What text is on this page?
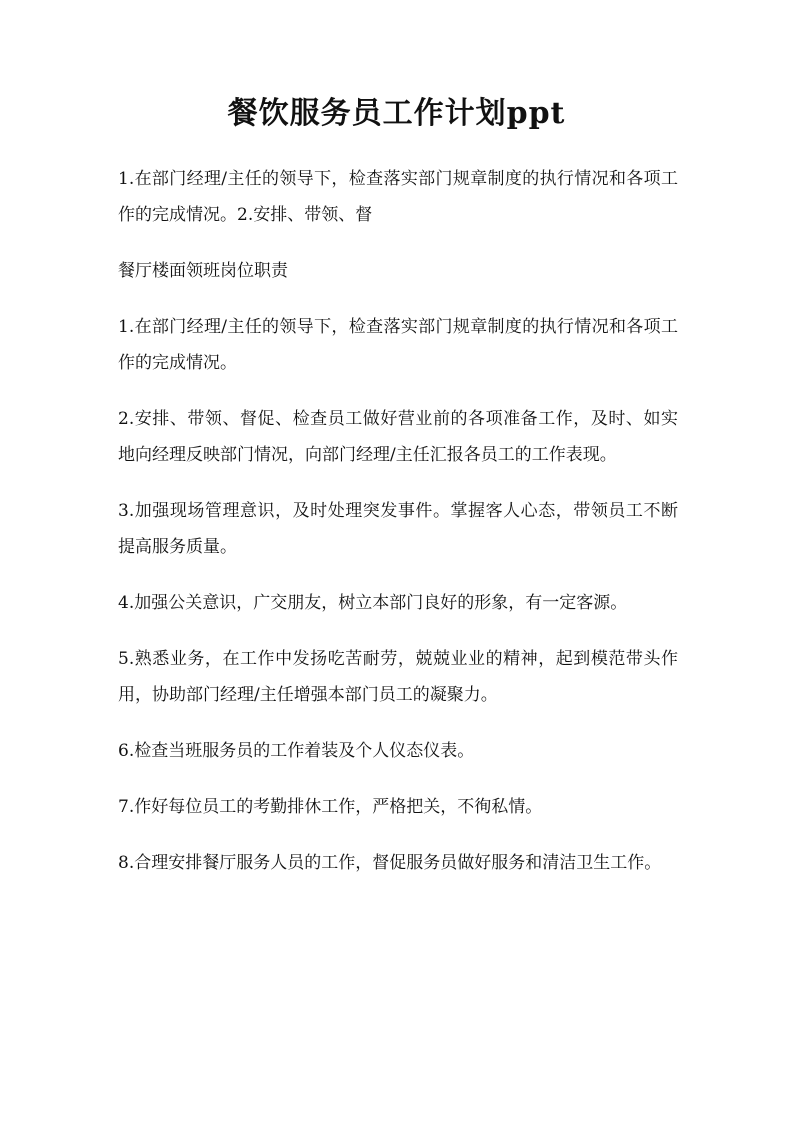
餐饮服务员工作计划ppt

1.在部门经理/主任的领导下，检查落实部门规章制度的执行情况和各项工作的完成情况。2.安排、带领、督

餐厅楼面领班岗位职责

1.在部门经理/主任的领导下，检查落实部门规章制度的执行情况和各项工作的完成情况。

2.安排、带领、督促、检查员工做好营业前的各项准备工作，及时、如实地向经理反映部门情况，向部门经理/主任汇报各员工的工作表现。

3.加强现场管理意识，及时处理突发事件。掌握客人心态，带领员工不断提高服务质量。

4.加强公关意识，广交朋友，树立本部门良好的形象，有一定客源。

5.熟悉业务，在工作中发扬吃苦耐劳，兢兢业业的精神，起到模范带头作用，协助部门经理/主任增强本部门员工的凝聚力。

6.检查当班服务员的工作着装及个人仪态仪表。

7.作好每位员工的考勤排休工作，严格把关，不徇私情。

8.合理安排餐厅服务人员的工作，督促服务员做好服务和清洁卫生工作。
